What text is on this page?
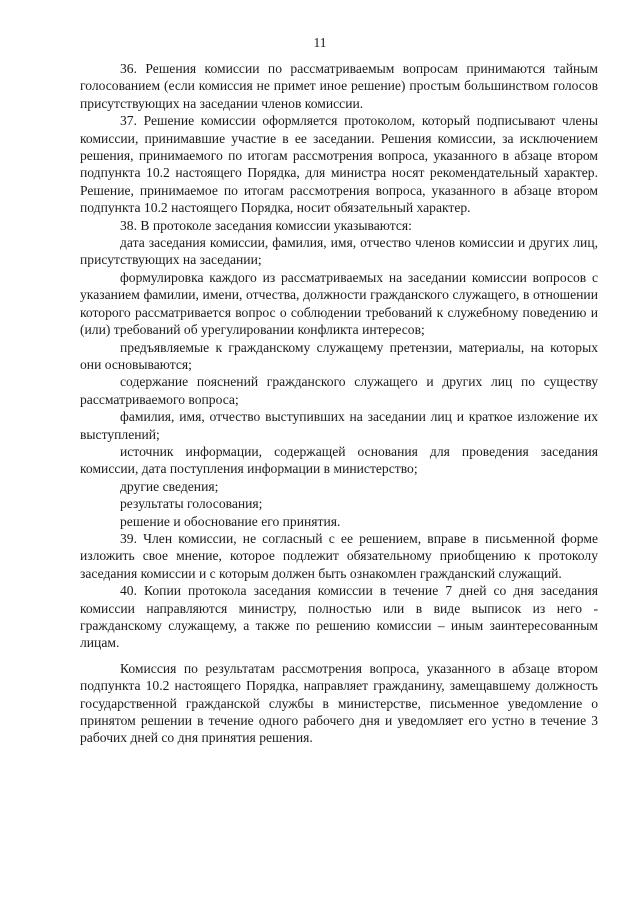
11

36. Решения комиссии по рассматриваемым вопросам принимаются тайным голосованием (если комиссия не примет иное решение) простым большинством голосов присутствующих на заседании членов комиссии.

37. Решение комиссии оформляется протоколом, который подписывают члены комиссии, принимавшие участие в ее заседании. Решения комиссии, за исключением решения, принимаемого по итогам рассмотрения вопроса, указанного в абзаце втором подпункта 10.2 настоящего Порядка, для министра носят рекомендательный характер. Решение, принимаемое по итогам рассмотрения вопроса, указанного в абзаце втором подпункта 10.2 настоящего Порядка, носит обязательный характер.

38. В протоколе заседания комиссии указываются:

дата заседания комиссии, фамилия, имя, отчество членов комиссии и других лиц, присутствующих на заседании;

формулировка каждого из рассматриваемых на заседании комиссии вопросов с указанием фамилии, имени, отчества, должности гражданского служащего, в отношении которого рассматривается вопрос о соблюдении требований к служебному поведению и (или) требований об урегулировании конфликта интересов;

предъявляемые к гражданскому служащему претензии, материалы, на которых они основываются;

содержание пояснений гражданского служащего и других лиц по существу рассматриваемого вопроса;

фамилия, имя, отчество выступивших на заседании лиц и краткое изложение их выступлений;

источник информации, содержащей основания для проведения заседания комиссии, дата поступления информации в министерство;

другие сведения;

результаты голосования;

решение и обоснование его принятия.

39. Член комиссии, не согласный с ее решением, вправе в письменной форме изложить свое мнение, которое подлежит обязательному приобщению к протоколу заседания комиссии и с которым должен быть ознакомлен гражданский служащий.

40. Копии протокола заседания комиссии в течение 7 дней со дня заседания комиссии направляются министру, полностью или в виде выписок из него - гражданскому служащему, а также по решению комиссии – иным заинтересованным лицам.

Комиссия по результатам рассмотрения вопроса, указанного в абзаце втором подпункта 10.2 настоящего Порядка, направляет гражданину, замещавшему должность государственной гражданской службы в министерстве, письменное уведомление о принятом решении в течение одного рабочего дня и уведомляет его устно в течение 3 рабочих дней со дня принятия решения.
